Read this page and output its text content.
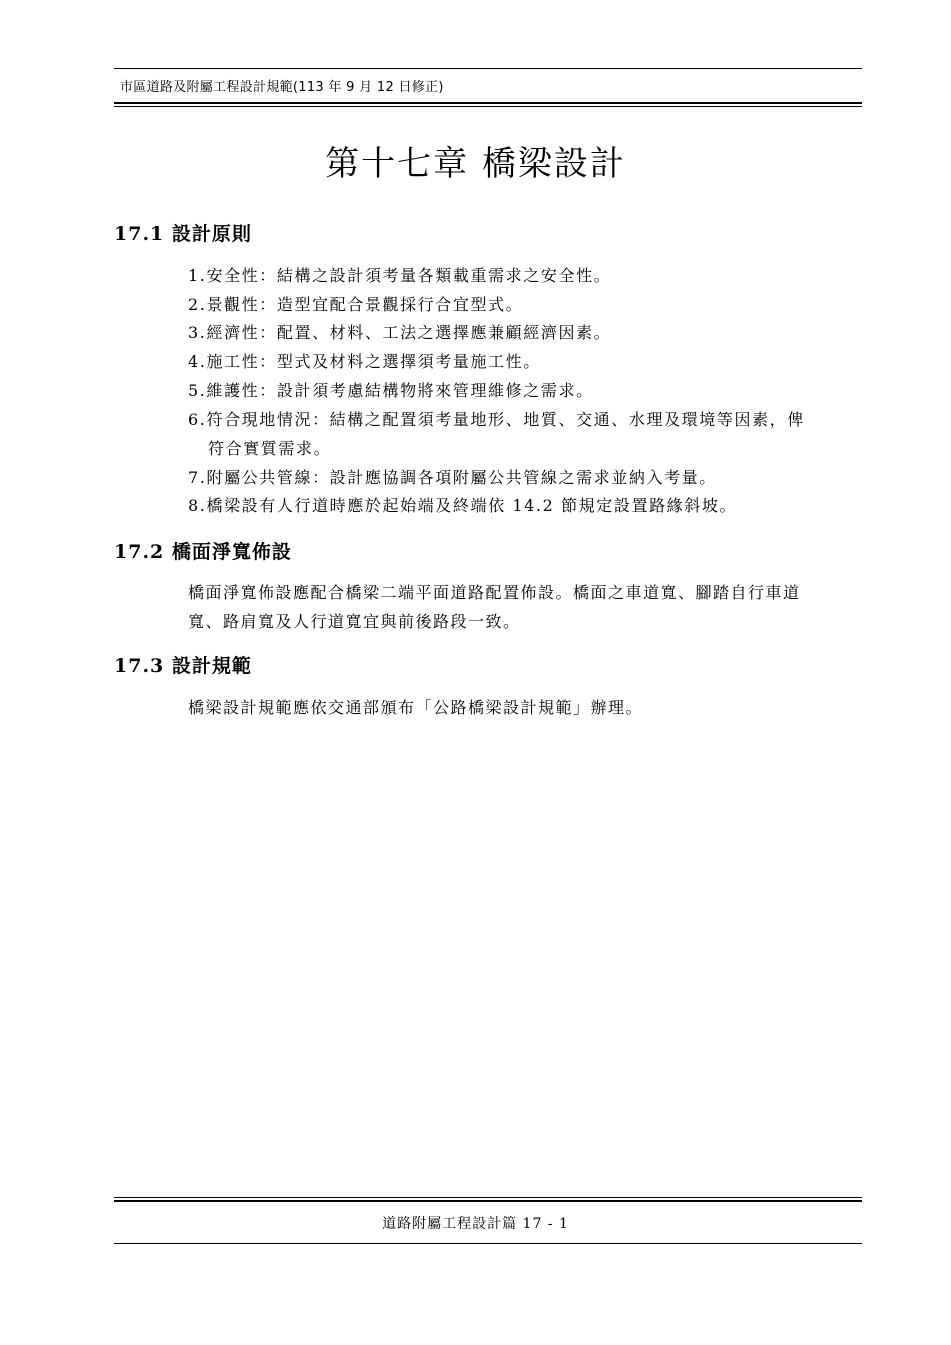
市區道路及附屬工程設計規範(113 年 9 月 12 日修正)
第十七章 橋梁設計
17.1 設計原則
1.安全性：結構之設計須考量各類載重需求之安全性。
2.景觀性：造型宜配合景觀採行合宜型式。
3.經濟性：配置、材料、工法之選擇應兼顧經濟因素。
4.施工性：型式及材料之選擇須考量施工性。
5.維護性：設計須考慮結構物將來管理維修之需求。
6.符合現地情況：結構之配置須考量地形、地質、交通、水理及環境等因素，俾
符合實質需求。
7.附屬公共管線：設計應協調各項附屬公共管線之需求並納入考量。
8.橋梁設有人行道時應於起始端及終端依 14.2 節規定設置路緣斜坡。
17.2 橋面淨寬佈設
橋面淨寬佈設應配合橋梁二端平面道路配置佈設。橋面之車道寬、腳踏自行車道
寬、路肩寬及人行道寬宜與前後路段一致。
17.3 設計規範
橋梁設計規範應依交通部頒布「公路橋梁設計規範」辦理。
道路附屬工程設計篇 17 - 1
